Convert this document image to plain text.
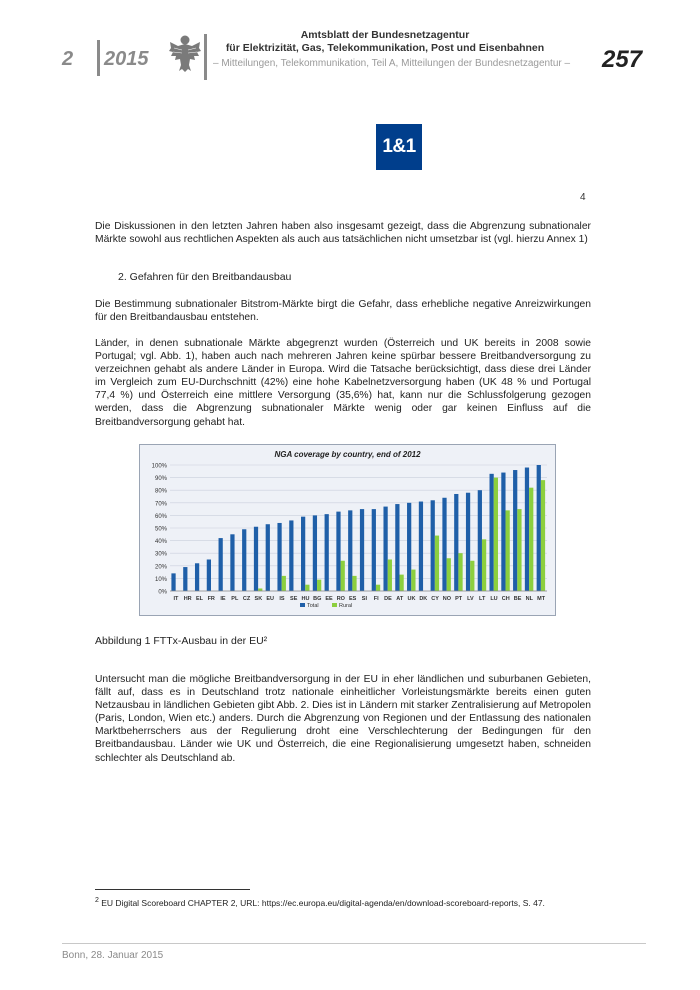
2 2015
Amtsblatt der Bundesnetzagentur
für Elektrizität, Gas, Telekommunikation, Post und Eisenbahnen
– Mitteilungen, Telekommunikation, Teil A, Mitteilungen der Bundesnetzagentur – 257
1&1
4

Die Diskussionen in den letzten Jahren haben also insgesamt gezeigt, dass die Abgrenzung subnationaler Märkte sowohl aus rechtlichen Aspekten als auch aus tatsächlichen nicht umsetzbar ist (vgl. hierzu Annex 1)

2. Gefahren für den Breitbandausbau

Die Bestimmung subnationaler Bitstrom-Märkte birgt die Gefahr, dass erhebliche negative Anreizwirkungen für den Breitbandausbau entstehen.

Länder, in denen subnationale Märkte abgegrenzt wurden (Österreich und UK bereits in 2008 sowie Portugal; vgl. Abb. 1), haben auch nach mehreren Jahren keine spürbar bessere Breitbandversorgung zu verzeichnen gehabt als andere Länder in Europa. Wird die Tatsache berücksichtigt, dass diese drei Länder im Vergleich zum EU-Durchschnitt (42%) eine hohe Kabelnetzversorgung haben (UK 48 % und Portugal 77,4 %) und Österreich eine mittlere Versorgung (35,6%) hat, kann nur die Schlussfolgerung gezogen werden, dass die Abgrenzung subnationaler Märkte wenig oder gar keinen Einfluss auf die Breitbandversorgung gehabt hat.

NGA coverage by country, end of 2012
100%
90%
80%
70%
60%
50%
40%
30%
20%
10%
0%
IT HR EL FR IE PL CZ SK EU IS SE HU BG EE RO ES SI FI DE AT UK DK CY NO PT LV LT LU CH BE NL MT
Total	Rural
Abbildung 1 FTTx-Ausbau in der EU²

Untersucht man die mögliche Breitbandversorgung in der EU in eher ländlichen und suburbanen Gebieten, fällt auf, dass es in Deutschland trotz nationale einheitlicher Vorleistungsmärkte bereits einen guten Netzausbau in ländlichen Gebieten gibt Abb. 2. Dies ist in Ländern mit starker Zentralisierung auf Metropolen (Paris, London, Wien etc.) anders. Durch die Abgrenzung von Regionen und der Entlassung des nationalen Marktbeherrschers aus der Regulierung droht eine Verschlechterung der Bedingungen für den Breitbandausbau. Länder wie UK und Österreich, die eine Regionalisierung umgesetzt haben, schneiden schlechter als Deutschland ab.

$^2$ EU Digital Scoreboard CHAPTER 2, URL: https://ec.europa.eu/digital-agenda/en/download-scoreboard-reports, S. 47.
Bonn, 28. Januar 2015
